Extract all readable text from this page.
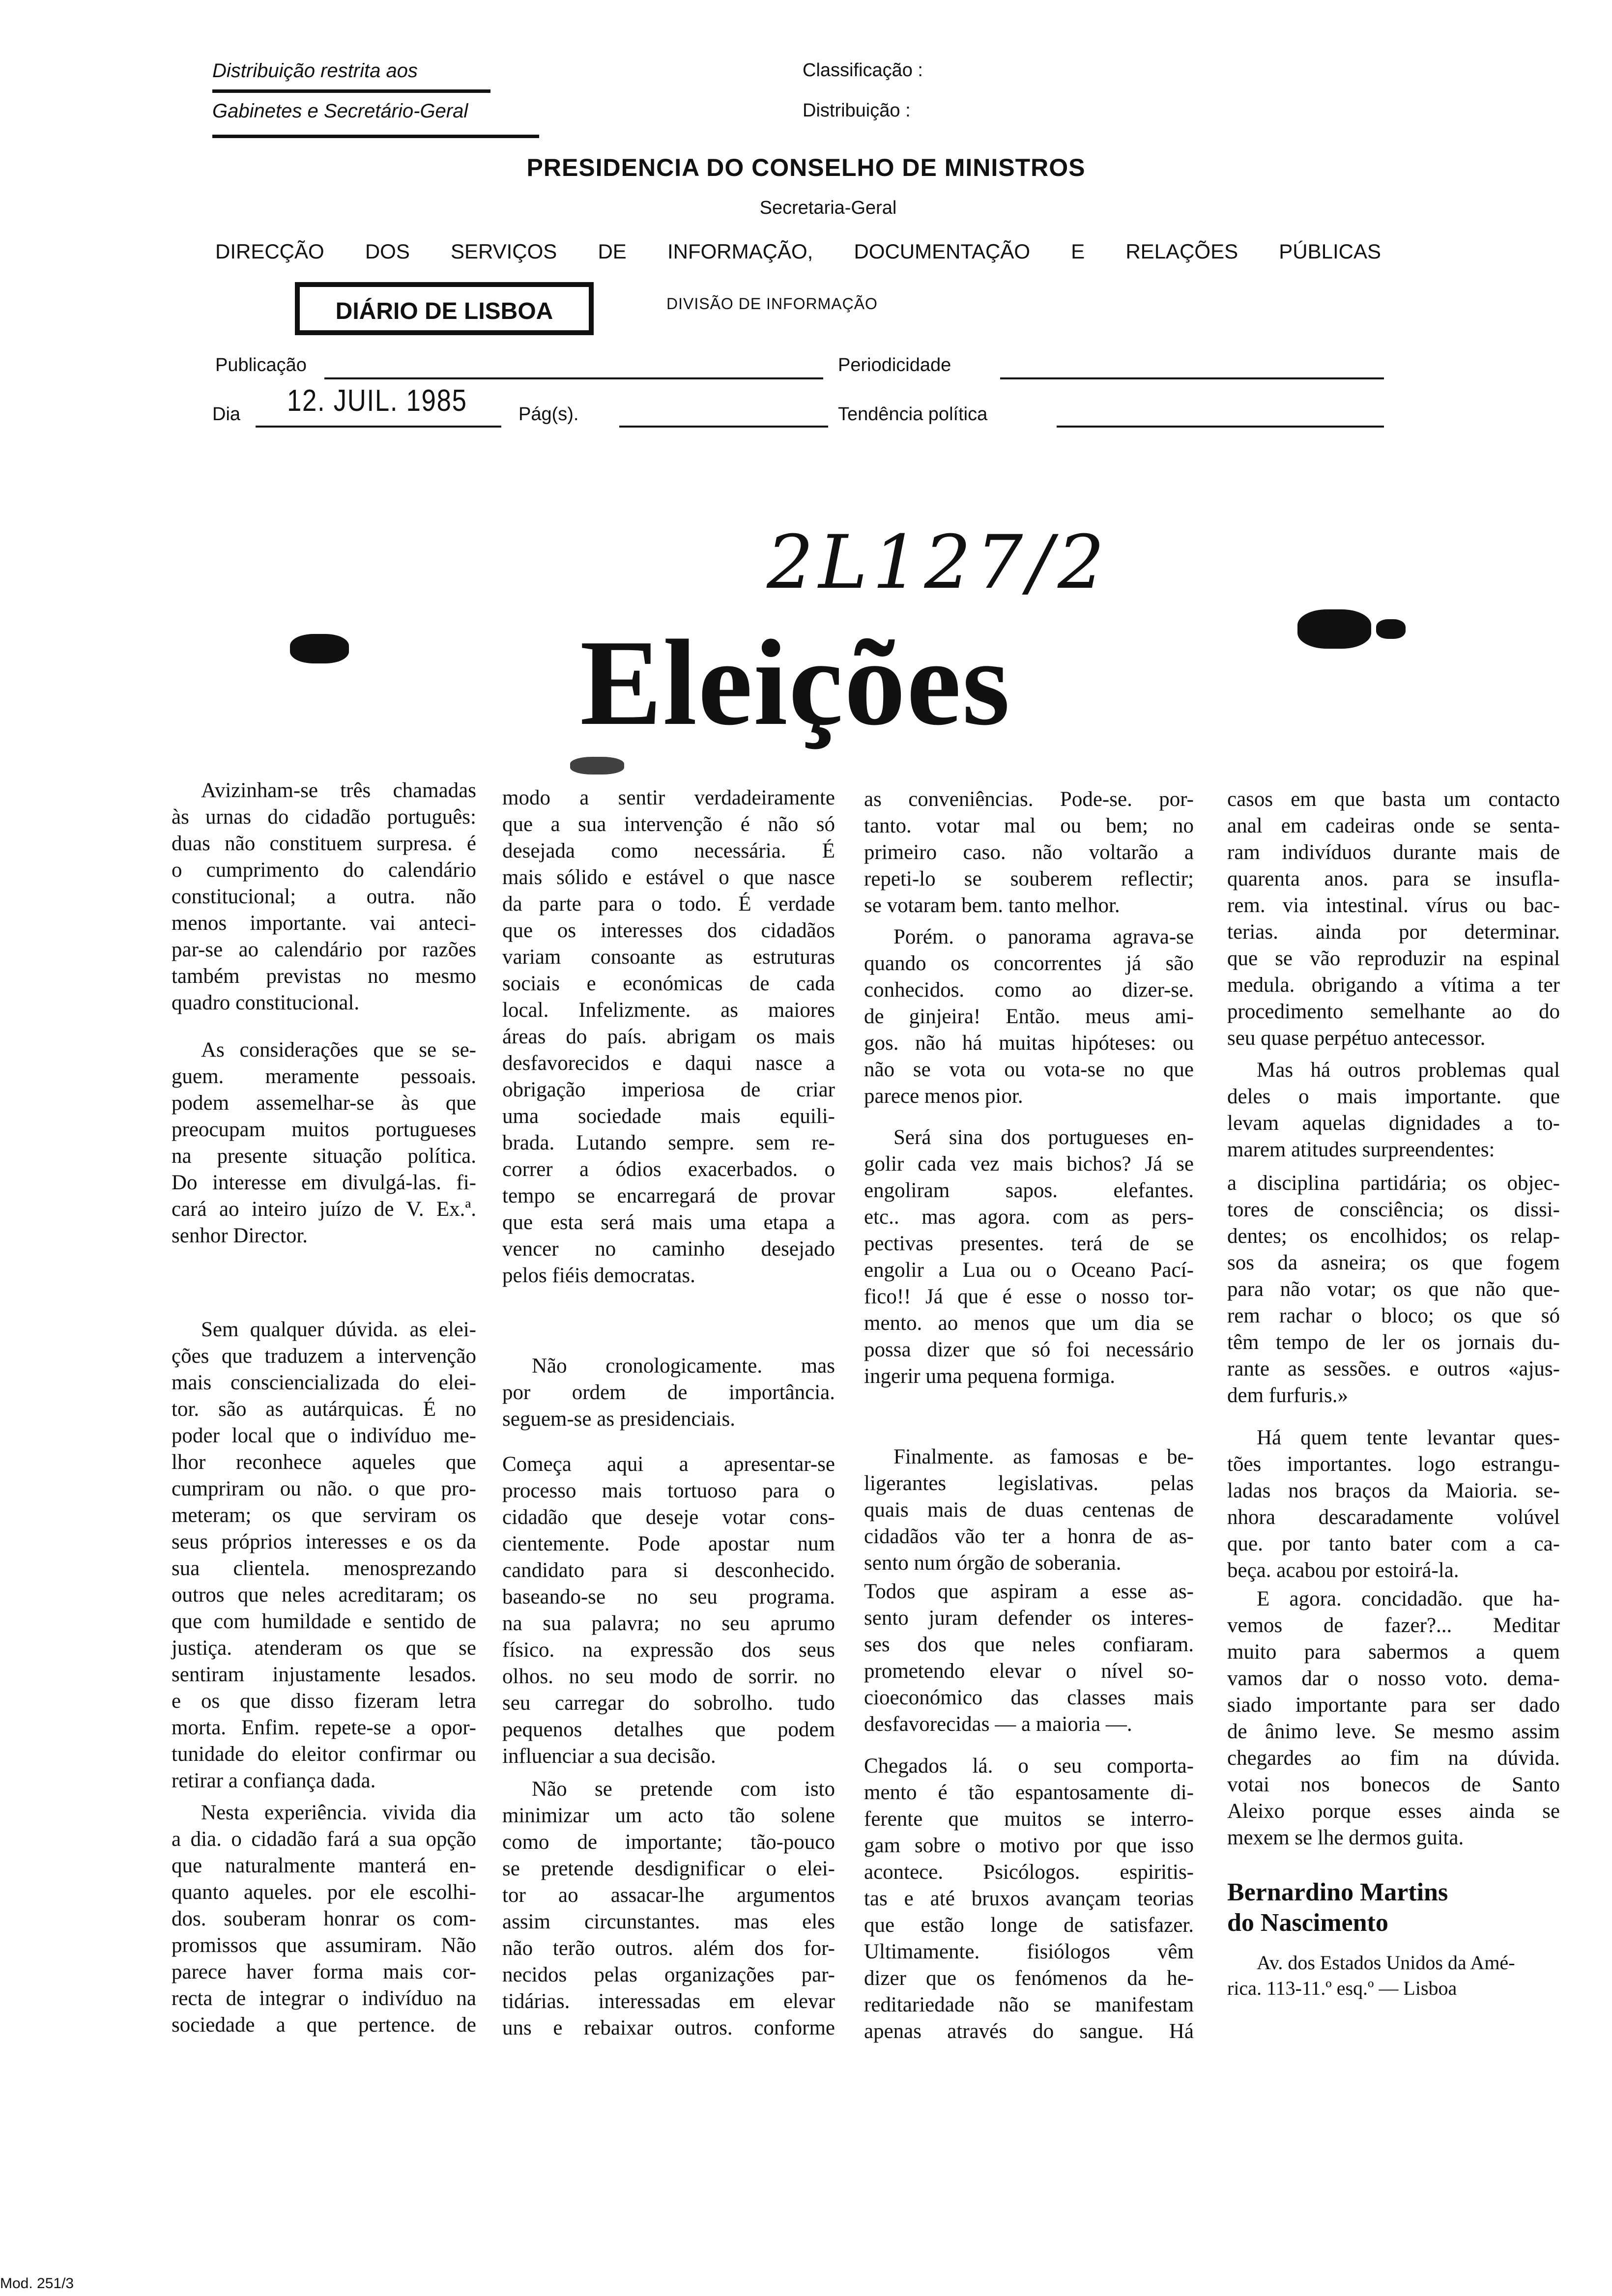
Distribuição restrita aos
Gabinetes e Secretário-Geral
Classificação :
Distribuição :
PRESIDENCIA DO CONSELHO DE MINISTROS
Secretaria-Geral
DIRECÇÃO DOS SERVIÇOS DE INFORMAÇÃO, DOCUMENTAÇÃO E RELAÇÕES PÚBLICAS
DIÁRIO DE LISBOA	DIVISÃO DE INFORMAÇÃO
Publicação	Periodicidade
Dia 12. JUIL. 1985	Pág(s).	Tendência política
2L127/2
Eleições
Avizinham-se três chamadas
às urnas do cidadão português:
duas não constituem surpresa. é
o cumprimento do calendário
constitucional; a outra. não
menos importante. vai anteci-
par-se ao calendário por razões
também previstas no mesmo
quadro constitucional.
As considerações que se se-
guem. meramente pessoais.
podem assemelhar-se às que
preocupam muitos portugueses
na presente situação política.
Do interesse em divulgá-las. fi-
cará ao inteiro juízo de V. Ex.ª.
senhor Director.
Sem qualquer dúvida. as elei-
ções que traduzem a intervenção
mais consciencializada do elei-
tor. são as autárquicas. É no
poder local que o indivíduo me-
lhor reconhece aqueles que
cumpriram ou não. o que pro-
meteram; os que serviram os
seus próprios interesses e os da
sua clientela. menosprezando
outros que neles acreditaram; os
que com humildade e sentido de
justiça. atenderam os que se
sentiram injustamente lesados.
e os que disso fizeram letra
morta. Enfim. repete-se a opor-
tunidade do eleitor confirmar ou
retirar a confiança dada.
Nesta experiência. vivida dia
a dia. o cidadão fará a sua opção
que naturalmente manterá en-
quanto aqueles. por ele escolhi-
dos. souberam honrar os com-
promissos que assumiram. Não
parece haver forma mais cor-
recta de integrar o indivíduo na
sociedade a que pertence. de
modo a sentir verdadeiramente
que a sua intervenção é não só
desejada como necessária. É
mais sólido e estável o que nasce
da parte para o todo. É verdade
que os interesses dos cidadãos
variam consoante as estruturas
sociais e económicas de cada
local. Infelizmente. as maiores
áreas do país. abrigam os mais
desfavorecidos e daqui nasce a
obrigação imperiosa de criar
uma sociedade mais equili-
brada. Lutando sempre. sem re-
correr a ódios exacerbados. o
tempo se encarregará de provar
que esta será mais uma etapa a
vencer no caminho desejado
pelos fiéis democratas.
Não cronologicamente. mas
por ordem de importância.
seguem-se as presidenciais.
Começa aqui a apresentar-se
processo mais tortuoso para o
cidadão que deseje votar cons-
cientemente. Pode apostar num
candidato para si desconhecido.
baseando-se no seu programa.
na sua palavra; no seu aprumo
físico. na expressão dos seus
olhos. no seu modo de sorrir. no
seu carregar do sobrolho. tudo
pequenos detalhes que podem
influenciar a sua decisão.
Não se pretende com isto
minimizar um acto tão solene
como de importante; tão-pouco
se pretende desdignificar o elei-
tor ao assacar-lhe argumentos
assim circunstantes. mas eles
não terão outros. além dos for-
necidos pelas organizações par-
tidárias. interessadas em elevar
uns e rebaixar outros. conforme
as conveniências. Pode-se. por-
tanto. votar mal ou bem; no
primeiro caso. não voltarão a
repeti-lo se souberem reflectir;
se votaram bem. tanto melhor.
Porém. o panorama agrava-se
quando os concorrentes já são
conhecidos. como ao dizer-se.
de ginjeira! Então. meus ami-
gos. não há muitas hipóteses: ou
não se vota ou vota-se no que
parece menos pior.
Será sina dos portugueses en-
golir cada vez mais bichos? Já se
engoliram sapos. elefantes.
etc.. mas agora. com as pers-
pectivas presentes. terá de se
engolir a Lua ou o Oceano Pací-
fico!! Já que é esse o nosso tor-
mento. ao menos que um dia se
possa dizer que só foi necessário
ingerir uma pequena formiga.
Finalmente. as famosas e be-
ligerantes legislativas. pelas
quais mais de duas centenas de
cidadãos vão ter a honra de as-
sento num órgão de soberania.
Todos que aspiram a esse as-
sento juram defender os interes-
ses dos que neles confiaram.
prometendo elevar o nível so-
cioeconómico das classes mais
desfavorecidas — a maioria —.
Chegados lá. o seu comporta-
mento é tão espantosamente di-
ferente que muitos se interro-
gam sobre o motivo por que isso
acontece. Psicólogos. espiritis-
tas e até bruxos avançam teorias
que estão longe de satisfazer.
Ultimamente. fisiólogos vêm
dizer que os fenómenos da he-
reditariedade não se manifestam
apenas através do sangue. Há
casos em que basta um contacto
anal em cadeiras onde se senta-
ram indivíduos durante mais de
quarenta anos. para se insufla-
rem. via intestinal. vírus ou bac-
terias. ainda por determinar.
que se vão reproduzir na espinal
medula. obrigando a vítima a ter
procedimento semelhante ao do
seu quase perpétuo antecessor.
Mas há outros problemas qual
deles o mais importante. que
levam aquelas dignidades a to-
marem atitudes surpreendentes:
a disciplina partidária; os objec-
tores de consciência; os dissi-
dentes; os encolhidos; os relap-
sos da asneira; os que fogem
para não votar; os que não que-
rem rachar o bloco; os que só
têm tempo de ler os jornais du-
rante as sessões. e outros «ajus-
dem furfuris.»
Há quem tente levantar ques-
tões importantes. logo estrangu-
ladas nos braços da Maioria. se-
nhora descaradamente volúvel
que. por tanto bater com a ca-
beça. acabou por estoirá-la.
E agora. concidadão. que ha-
vemos de fazer?... Meditar
muito para sabermos a quem
vamos dar o nosso voto. dema-
siado importante para ser dado
de ânimo leve. Se mesmo assim
chegardes ao fim na dúvida.
votai nos bonecos de Santo
Aleixo porque esses ainda se
mexem se lhe dermos guita.
Bernardino Martins
do Nascimento
Av. dos Estados Unidos da Amé-
rica. 113-11.º esq.º — Lisboa
Mod. 251/3
